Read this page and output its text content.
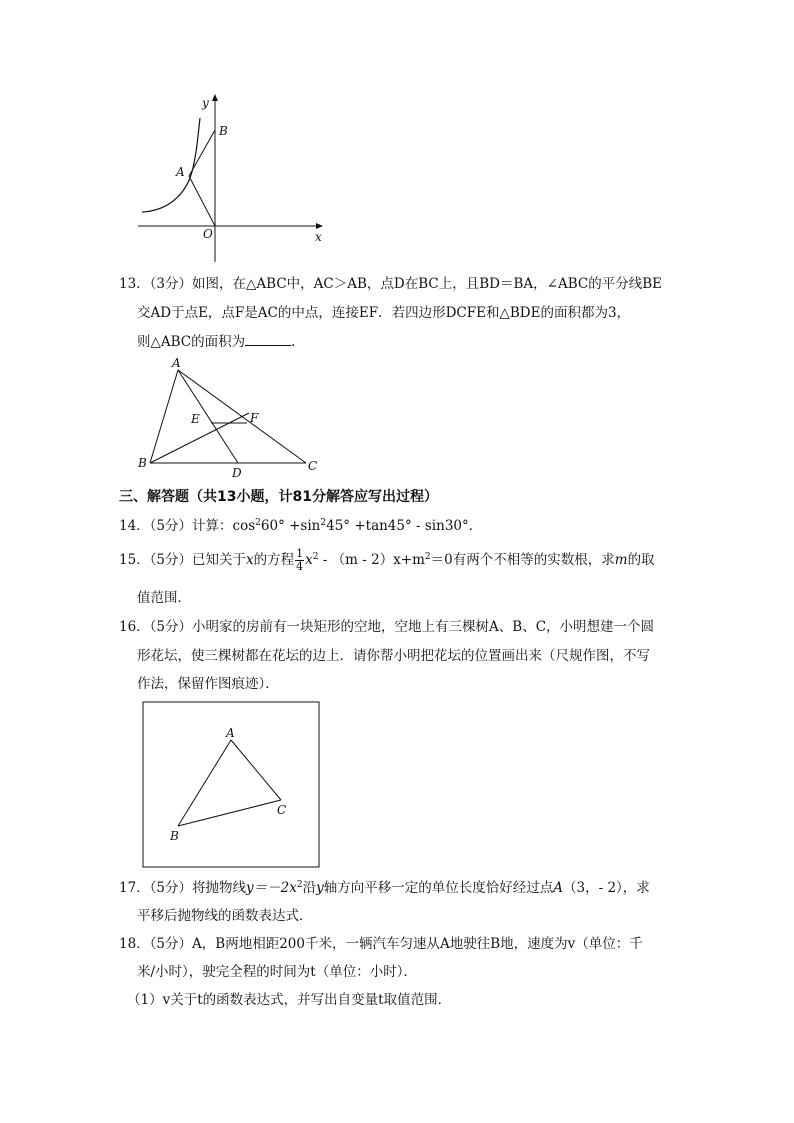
y
B
A
O	x
13．（3分）如图，在△ABC中，AC＞AB，点D在BC上，且BD＝BA，∠ABC的平分线BE
交AD于点E，点F是AC的中点，连接EF．若四边形DCFE和△BDE的面积都为3，
则△ABC的面积为	．
A
E	F
B
D	C
三、解答题（共13小题，计81分解答应写出过程）
14．（5分）计算：$\cos^260^\circ +\sin^245^\circ +\tan 45^\circ - \sin 30^\circ$．
15．（5分）已知关于x的方程 $\frac{1}{4} x^2 - (m - 2)x+m^2=0$有两个不相等的实数根，求m的取
值范围．
16．（5分）小明家的房前有一块矩形的空地，空地上有三棵树A、B、C，小明想建一个圆
形花坛，使三棵树都在花坛的边上．请你帮小明把花坛的位置画出来（尺规作图，不写
作法，保留作图痕迹）．
A
C
B
17．（5分）将抛物线$y=-2x^2$沿y轴方向平移一定的单位长度恰好经过点A（3，- 2），求
平移后抛物线的函数表达式．
18．（5分）A，B两地相距200千米，一辆汽车匀速从A地驶往B地，速度为v（单位：千
米/小时），驶完全程的时间为t（单位：小时）．
（1）v关于t的函数表达式，并写出自变量t取值范围．
